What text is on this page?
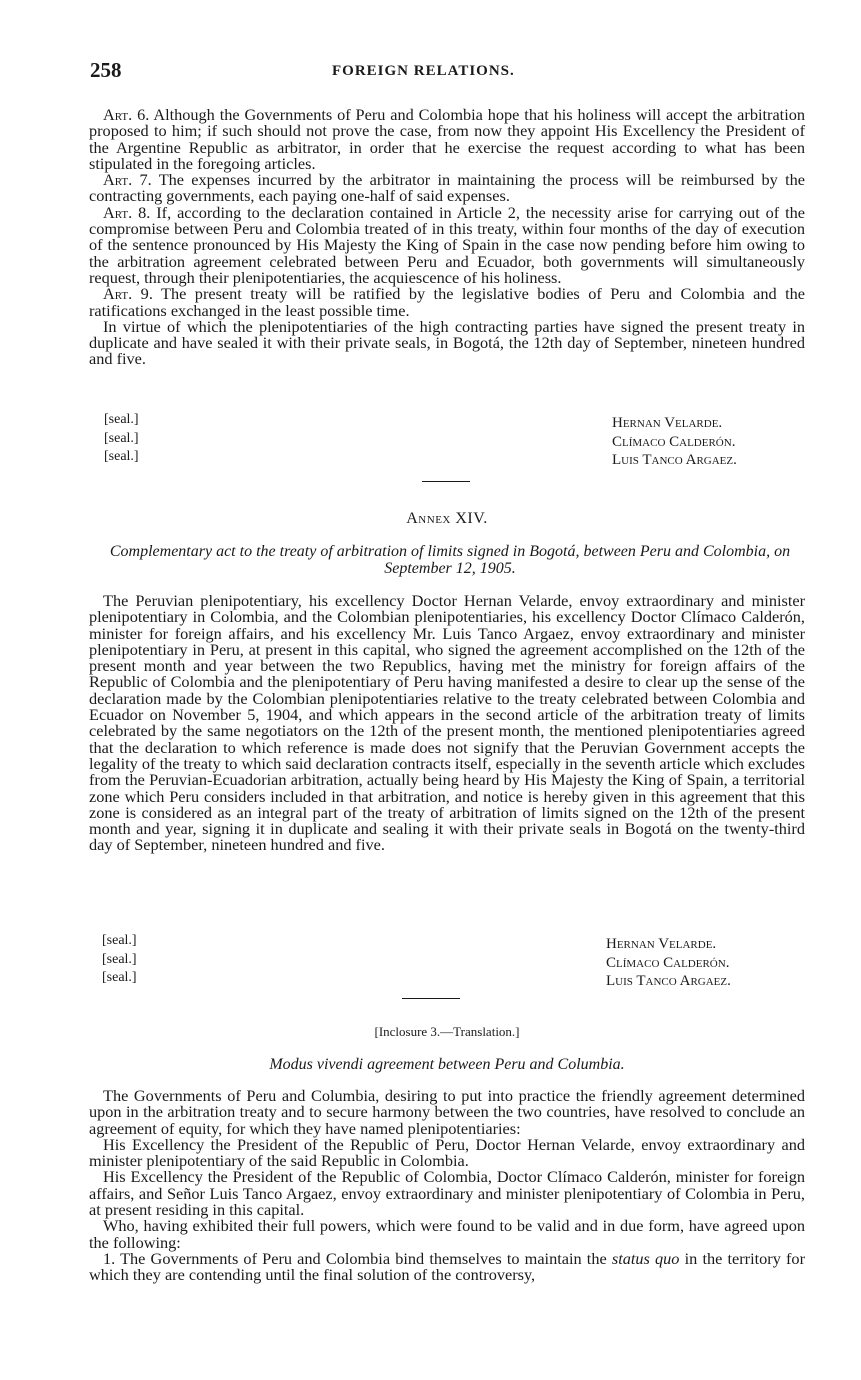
258	FOREIGN RELATIONS.

Art. 6. Although the Governments of Peru and Colombia hope that his holiness will accept the arbitration proposed to him; if such should not prove the case, from now they appoint His Excellency the President of the Argentine Republic as arbitrator, in order that he exercise the request according to what has been stipulated in the foregoing articles.

Art. 7. The expenses incurred by the arbitrator in maintaining the process will be reimbursed by the contracting governments, each paying one-half of said expenses.

Art. 8. If, according to the declaration contained in Article 2, the necessity arise for carrying out of the compromise between Peru and Colombia treated of in this treaty, within four months of the day of execution of the sentence pronounced by His Majesty the King of Spain in the case now pending before him owing to the arbitration agreement celebrated between Peru and Ecuador, both governments will simultaneously request, through their plenipotentiaries, the acquiescence of his holiness.

Art. 9. The present treaty will be ratified by the legislative bodies of Peru and Colombia and the ratifications exchanged in the least possible time.

In virtue of which the plenipotentiaries of the high contracting parties have signed the present treaty in duplicate and have sealed it with their private seals, in Bogotá, the 12th day of September, nineteen hundred and five.

[seal.]
[seal.]
[seal.]
Hernan Velarde.
Clímaco Calderón.
Luis Tanco Argaez.
Annex XIV.
Complementary act to the treaty of arbitration of limits signed in Bogotá, between Peru and Colombia, on September 12, 1905.

The Peruvian plenipotentiary, his excellency Doctor Hernan Velarde, envoy extraordinary and minister plenipotentiary in Colombia, and the Colombian plenipotentiaries, his excellency Doctor Clímaco Calderón, minister for foreign affairs, and his excellency Mr. Luis Tanco Argaez, envoy extraordinary and minister plenipotentiary in Peru, at present in this capital, who signed the agreement accomplished on the 12th of the present month and year between the two Republics, having met the ministry for foreign affairs of the Republic of Colombia and the plenipotentiary of Peru having manifested a desire to clear up the sense of the declaration made by the Colombian plenipotentiaries relative to the treaty celebrated between Colombia and Ecuador on November 5, 1904, and which appears in the second article of the arbitration treaty of limits celebrated by the same negotiators on the 12th of the present month, the mentioned plenipotentiaries agreed that the declaration to which reference is made does not signify that the Peruvian Government accepts the legality of the treaty to which said declaration contracts itself, especially in the seventh article which excludes from the Peruvian-Ecuadorian arbitration, actually being heard by His Majesty the King of Spain, a territorial zone which Peru considers included in that arbitration, and notice is hereby given in this agreement that this zone is considered as an integral part of the treaty of arbitration of limits signed on the 12th of the present month and year, signing it in duplicate and sealing it with their private seals in Bogotá on the twenty-third day of September, nineteen hundred and five.

[seal.]
[seal.]
[seal.]
Hernan Velarde.
Clímaco Calderón.
Luis Tanco Argaez.
[Inclosure 3.—Translation.]
Modus vivendi agreement between Peru and Columbia.

The Governments of Peru and Columbia, desiring to put into practice the friendly agreement determined upon in the arbitration treaty and to secure harmony between the two countries, have resolved to conclude an agreement of equity, for which they have named plenipotentiaries:

His Excellency the President of the Republic of Peru, Doctor Hernan Velarde, envoy extraordinary and minister plenipotentiary of the said Republic in Colombia.

His Excellency the President of the Republic of Colombia, Doctor Clímaco Calderón, minister for foreign affairs, and Señor Luis Tanco Argaez, envoy extraordinary and minister plenipotentiary of Colombia in Peru, at present residing in this capital.

Who, having exhibited their full powers, which were found to be valid and in due form, have agreed upon the following:

1. The Governments of Peru and Colombia bind themselves to maintain the status quo in the territory for which they are contending until the final solution of the controversy,
